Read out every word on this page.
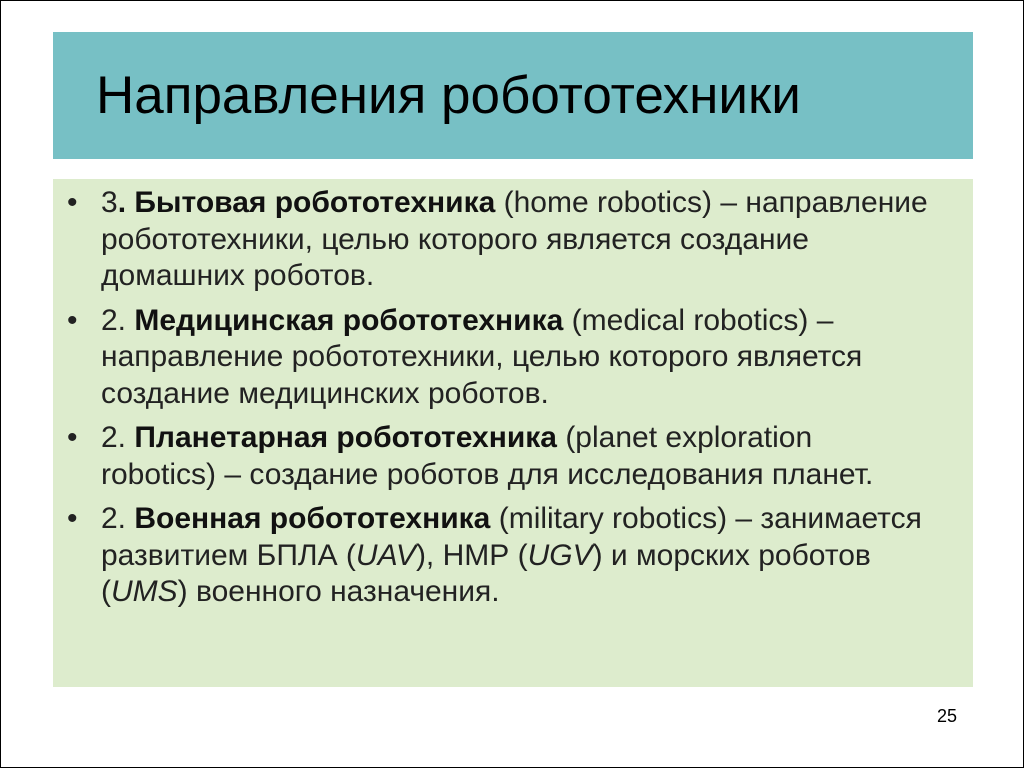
Направления робототехники
• 3. Бытовая робототехника (home robotics) – направление робототехники, целью которого является создание домашних роботов.
• 2. Медицинская робототехника (medical robotics) – направление робототехники, целью которого является создание медицинских роботов.
• 2. Планетарная робототехника (planet exploration robotics) – создание роботов для исследования планет.
• 2. Военная робототехника (military robotics) – занимается развитием БПЛА (UAV), НМР (UGV) и морских роботов (UMS) военного назначения.
25
